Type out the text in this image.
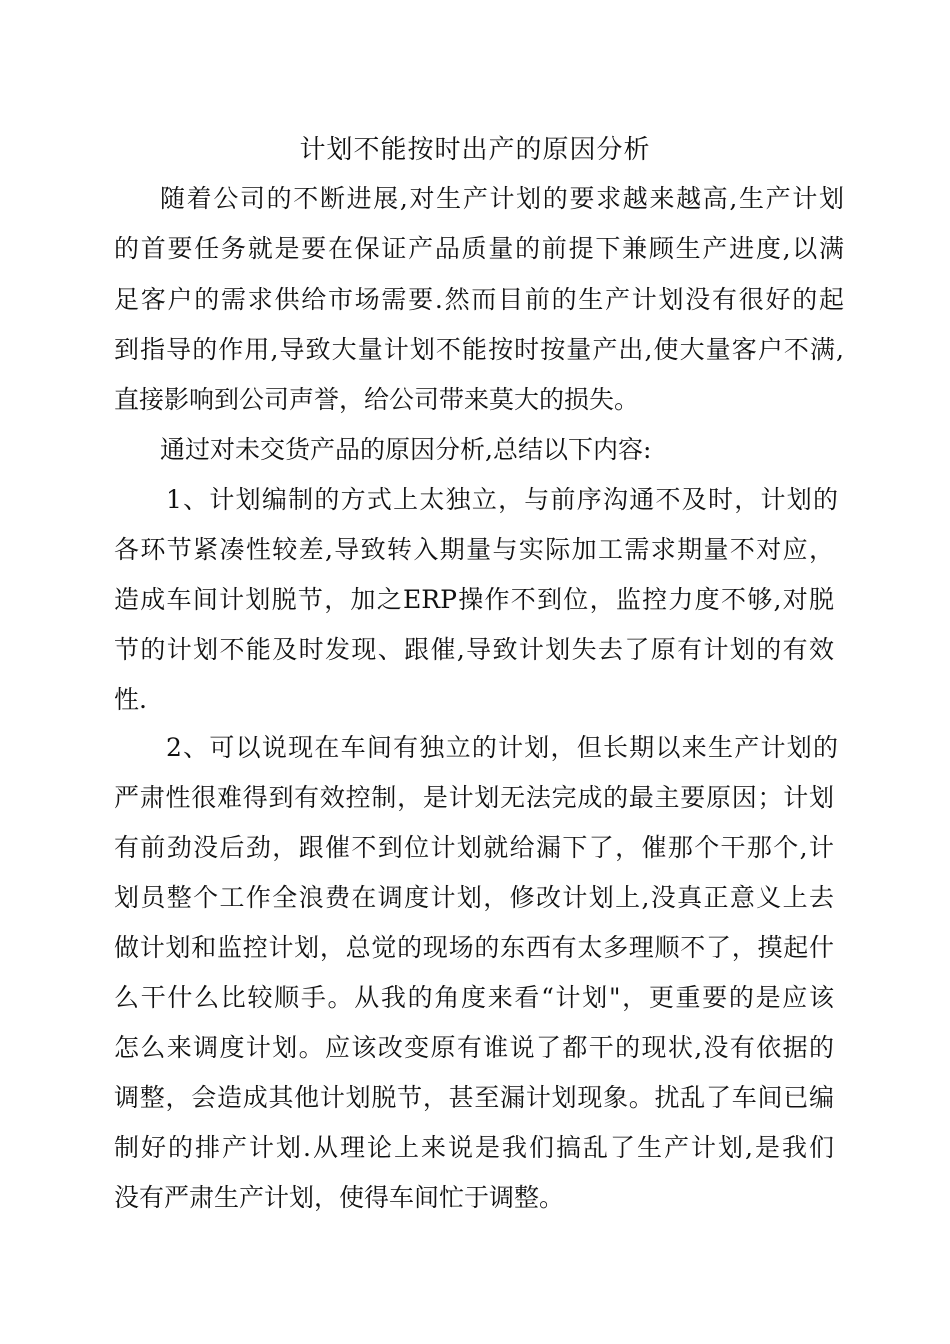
计划不能按时出产的原因分析

随着公司的不断进展,对生产计划的要求越来越高,生产计划

的首要任务就是要在保证产品质量的前提下兼顾生产进度,以满

足客户的需求供给市场需要.然而目前的生产计划没有很好的起

到指导的作用,导致大量计划不能按时按量产出,使大量客户不满,

直接影响到公司声誉，给公司带来莫大的损失。

通过对未交货产品的原因分析,总结以下内容:

1、计划编制的方式上太独立，与前序沟通不及时，计划的

各环节紧凑性较差,导致转入期量与实际加工需求期量不对应，

造成车间计划脱节，加之ERP操作不到位，监控力度不够,对脱

节的计划不能及时发现、跟催,导致计划失去了原有计划的有效

性.

2、可以说现在车间有独立的计划，但长期以来生产计划的

严肃性很难得到有效控制，是计划无法完成的最主要原因；计划

有前劲没后劲，跟催不到位计划就给漏下了，催那个干那个,计

划员整个工作全浪费在调度计划，修改计划上,没真正意义上去

做计划和监控计划，总觉的现场的东西有太多理顺不了，摸起什

么干什么比较顺手。从我的角度来看“计划"，更重要的是应该

怎么来调度计划。应该改变原有谁说了都干的现状,没有依据的

调整，会造成其他计划脱节，甚至漏计划现象。扰乱了车间已编

制好的排产计划.从理论上来说是我们搞乱了生产计划,是我们

没有严肃生产计划，使得车间忙于调整。
